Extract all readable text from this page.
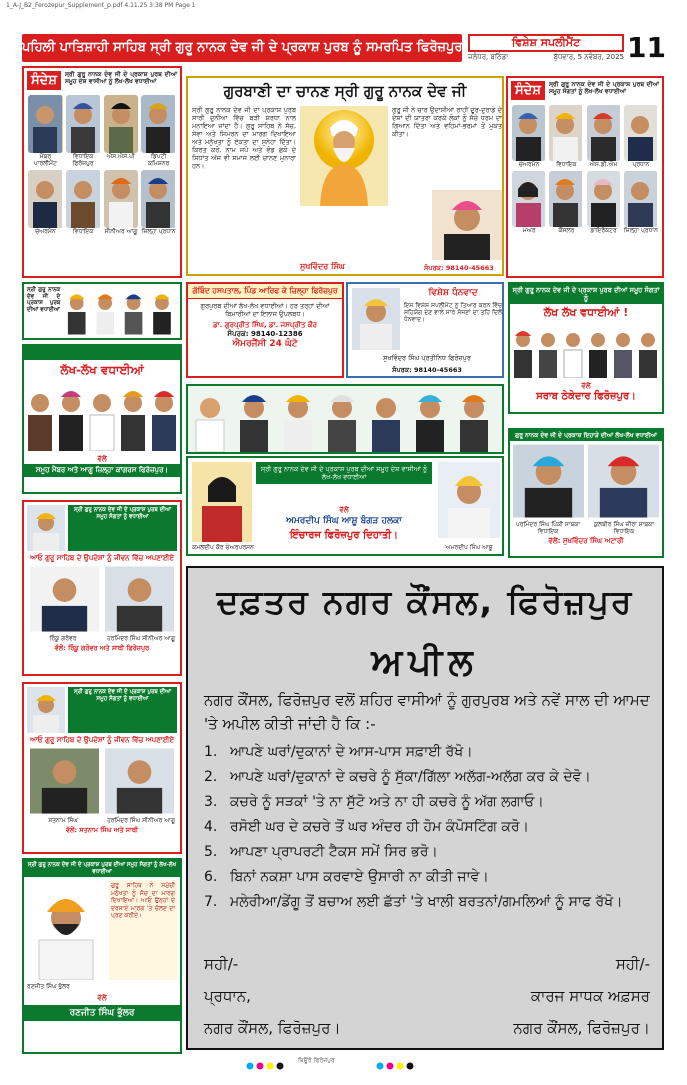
1_A-J_B2_Ferozepur_Supplement_p.pdf 4.11.25 3:38 PM Page 1
ਪਹਿਲੀ ਪਾਤਿਸ਼ਾਹੀ ਸਾਹਿਬ ਸ੍ਰੀ ਗੁਰੂ ਨਾਨਕ ਦੇਵ ਜੀ ਦੇ ਪ੍ਰਕਾਸ਼ ਪੁਰਬ ਨੂੰ ਸਮਰਪਿਤ ਫਿਰੋਜ਼ਪੁਰ	ਵਿਸ਼ੇਸ਼ ਸਪਲੀਮੈਂਟ
ਜਲੰਧਰ, ਬਠਿੰਡਾ	ਬੁੱਧਵਾਰ, 5 ਨਵੰਬਰ, 2025 11
ਸੰਦੇਸ਼	ਸ੍ਰੀ ਗੁਰੂ ਨਾਨਕ ਦੇਵ ਜੀ ਦੇ ਪ੍ਰਕਾਸ਼ ਪੁਰਬ ਦੀਆਂ ਸਮੂਹ ਦੇਸ਼ ਵਾਸੀਆਂ ਨੂੰ ਲੱਖ-ਲੱਖ ਵਧਾਈਆਂ
ਮੈਂਬਰ ਪਾਰਲੀਮੈਂਟ
ਵਿਧਾਇਕ ਫਿਰੋਜ਼ਪੁਰ
ਐਸ.ਐਸ.ਪੀ	ਡਿਪਟੀ ਕਮਿਸ਼ਨਰ
ਚੇਅਰਮੈਨ	ਵਿਧਾਇਕ	ਸੀਨੀਅਰ ਆਗੂ ਜ਼ਿਲ੍ਹਾ ਪ੍ਰਧਾਨ
ਗੁਰਬਾਣੀ ਦਾ ਚਾਨਣ ਸ੍ਰੀ ਗੁਰੂ ਨਾਨਕ ਦੇਵ ਜੀ
ਸ੍ਰੀ ਗੁਰੂ ਨਾਨਕ ਦੇਵ ਜੀ ਦਾ ਪ੍ਰਕਾਸ਼ ਪੁਰਬ ਸਾਰੀ ਦੁਨੀਆ ਵਿੱਚ ਬੜੀ ਸ਼ਰਧਾ ਨਾਲ ਮਨਾਇਆ ਜਾਂਦਾ ਹੈ। ਗੁਰੂ ਸਾਹਿਬ ਨੇ ਸੱਚ, ਸੇਵਾ ਅਤੇ ਸਿਮਰਨ ਦਾ ਮਾਰਗ ਦਿਖਾਇਆ ਅਤੇ ਮਨੁੱਖਤਾ ਨੂੰ ਏਕਤਾ ਦਾ ਸੁਨੇਹਾ ਦਿੱਤਾ। ਕਿਰਤ ਕਰੋ, ਨਾਮ ਜਪੋ ਅਤੇ ਵੰਡ ਛਕੋ ਦੇ ਸਿਧਾਂਤ ਅੱਜ ਵੀ ਸਮਾਜ ਲਈ ਚਾਨਣ ਮੁਨਾਰਾ ਹਨ।
ਗੁਰੂ ਜੀ ਨੇ ਚਾਰ ਉਦਾਸੀਆਂ ਰਾਹੀਂ ਦੂਰ-ਦੁਰਾਡੇ ਦੇ ਦੇਸ਼ਾਂ ਦੀ ਯਾਤਰਾ ਕਰਕੇ ਲੋਕਾਂ ਨੂੰ ਸੱਚੇ ਧਰਮ ਦਾ ਗਿਆਨ ਦਿੱਤਾ ਅਤੇ ਵਹਿਮਾਂ-ਭਰਮਾਂ ਤੋਂ ਮੁਕਤ ਕੀਤਾ।
ਸੁਖਵਿੰਦਰ ਸਿੰਘ	ਸੰਪਰਕ: 98140-45663
ਸੰਦੇਸ਼	ਸ੍ਰੀ ਗੁਰੂ ਨਾਨਕ ਦੇਵ ਜੀ ਦੇ ਪ੍ਰਕਾਸ਼ ਪੁਰਬ ਦੀਆਂ ਸਮੂਹ ਸੰਗਤਾਂ ਨੂੰ ਲੱਖ-ਲੱਖ ਵਧਾਈਆਂ
ਚੇਅਰਮੈਨ	ਵਿਧਾਇਕ	ਐਸ.ਡੀ.ਐਮ	ਪ੍ਰਧਾਨ
ਮੇਅਰ	ਕੌਂਸਲਰ	ਡਾਇਰੈਕਟਰ	ਜ਼ਿਲ੍ਹਾ ਪ੍ਰਧਾਨ
ਸ੍ਰੀ ਗੁਰੂ ਨਾਨਕ ਦੇਵ ਜੀ ਦੇ ਪ੍ਰਕਾਸ਼ ਪੁਰਬ ਦੀਆਂ ਵਧਾਈਆਂ
ਗੋਬਿੰਦ ਹਸਪਤਾਲ, ਪਿੰਡ ਆਰਿਫ ਕੇ ਜ਼ਿਲ੍ਹਾ ਫਿਰੋਜ਼ਪੁਰ
ਗੁਰਪੁਰਬ ਦੀਆਂ ਲੱਖ-ਲੱਖ ਵਧਾਈਆਂ। ਹਰ ਤਰ੍ਹਾਂ ਦੀਆਂ ਬਿਮਾਰੀਆਂ ਦਾ ਇਲਾਜ ਉਪਲਬਧ।
ਡਾ. ਗੁਰਪ੍ਰੀਤ ਸਿੰਘ, ਡਾ. ਜਸਪ੍ਰੀਤ ਕੌਰ
ਸੰਪਰਕ: 98140-12386
ਐਮਰਜੈਂਸੀ 24 ਘੰਟੇ
ਵਿਸ਼ੇਸ਼ ਧੰਨਵਾਦ
ਇਸ ਵਿਸ਼ੇਸ਼ ਸਪਲੀਮੈਂਟ ਨੂੰ ਤਿਆਰ ਕਰਨ ਵਿੱਚ ਸਹਿਯੋਗ ਦੇਣ ਵਾਲੇ ਸਾਰੇ ਸੱਜਣਾਂ ਦਾ ਤਹਿ ਦਿਲੋਂ ਧੰਨਵਾਦ।
ਸੁਖਵਿੰਦਰ ਸਿੰਘ ਪ੍ਰਤੀਨਿਧ ਫਿਰੋਜ਼ਪੁਰ
ਸੰਪਰਕ: 98140-45663
ਸ੍ਰੀ ਗੁਰੂ ਨਾਨਕ ਦੇਵ ਜੀ ਦੇ ਪ੍ਰਕਾਸ਼ ਪੁਰਬ ਦੀਆਂ ਸਮੂਹ ਸੰਗਤਾਂ ਨੂੰ
ਲੱਖ ਲੱਖ ਵਧਾਈਆਂ !
ਵੱਲੋਂ
ਸਰਾਬ ਠੇਕੇਦਾਰ ਫਿਰੋਜ਼ਪੁਰ।
ਲੱਖ-ਲੱਖ ਵਧਾਈਆਂ
ਵੱਲੋਂ
ਸਮੂਹ ਮੈਂਬਰ ਅਤੇ ਆਗੂ ਜ਼ਿਲ੍ਹਾ ਕਾਂਗਰਸ ਫਿਰੋਜ਼ਪੁਰ।	ਸ੍ਰੀ ਗੁਰੂ ਨਾਨਕ ਦੇਵ ਜੀ ਦੇ ਪ੍ਰਕਾਸ਼ ਪੁਰਬ ਦੀਆਂ ਸਮੂਹ ਦੇਸ਼ ਵਾਸੀਆਂ ਨੂੰ ਲੱਖ-ਲੱਖ ਵਧਾਈਆਂ
ਵੱਲੋਂ
ਅਮਰਦੀਪ ਸਿੰਘ ਆਸ਼ੂ ਬੰਗੜ ਹਲਕਾ
ਇੰਚਾਰਜ ਫਿਰੋਜ਼ਪੁਰ ਦਿਹਾਤੀ।
ਕਮਲਦੀਪ ਕੌਰ ਚੇਅਰਪਰਸਨ	ਅਮਰਦੀਪ ਸਿੰਘ ਆਸ਼ੂ
ਗੁਰੂ ਨਾਨਕ ਦੇਵ ਜੀ ਦੇ ਪ੍ਰਕਾਸ਼ ਦਿਹਾੜੇ ਦੀਆਂ ਲੱਖ-ਲੱਖ ਵਧਾਈਆਂ
ਪਰਮਿੰਦਰ ਸਿੰਘ ਪਿੰਕੀ ਸਾਬਕਾ ਵਿਧਾਇਕ
ਕੁਲਬੀਰ ਸਿੰਘ ਜ਼ੀਰਾ ਸਾਬਕਾ ਵਿਧਾਇਕ
ਵੱਲੋਂ: ਸੁਖਵਿੰਦਰ ਸਿੰਘ ਅਟਾਰੀ
ਸ੍ਰੀ ਗੁਰੂ ਨਾਨਕ ਦੇਵ ਜੀ ਦੇ ਪ੍ਰਕਾਸ਼ ਪੁਰਬ ਦੀਆਂ ਸਮੂਹ ਸੰਗਤਾਂ ਨੂੰ ਵਧਾਈਆਂ
ਆਓ ਗੁਰੂ ਸਾਹਿਬ ਦੇ ਉਪਦੇਸ਼ਾਂ ਨੂੰ ਜੀਵਨ ਵਿੱਚ ਅਪਣਾਈਏ
ਰਿੰਕੂ ਗਰੋਵਰ	ਹਰਮਿੰਦਰ ਸਿੰਘ ਸੀਨੀਅਰ ਆਗੂ
ਵੱਲੋਂ: ਰਿੰਕੂ ਗਰੋਵਰ ਅਤੇ ਸਾਥੀ ਫਿਰੋਜ਼ਪੁਰ
ਸ੍ਰੀ ਗੁਰੂ ਨਾਨਕ ਦੇਵ ਜੀ ਦੇ ਪ੍ਰਕਾਸ਼ ਪੁਰਬ ਦੀਆਂ ਸਮੂਹ ਸੰਗਤਾਂ ਨੂੰ ਵਧਾਈਆਂ
ਆਓ ਗੁਰੂ ਸਾਹਿਬ ਦੇ ਉਪਦੇਸ਼ਾਂ ਨੂੰ ਜੀਵਨ ਵਿੱਚ ਅਪਣਾਈਏ
ਸਤਨਾਮ ਸਿੰਘ	ਹਰਮਿੰਦਰ ਸਿੰਘ ਸੀਨੀਅਰ ਆਗੂ
ਵੱਲੋਂ: ਸਤਨਾਮ ਸਿੰਘ ਅਤੇ ਸਾਥੀ
ਸ੍ਰੀ ਗੁਰੂ ਨਾਨਕ ਦੇਵ ਜੀ ਦੇ ਪ੍ਰਕਾਸ਼ ਪੁਰਬ ਦੀਆਂ ਸਮੂਹ ਸੰਗਤਾਂ ਨੂੰ ਲੱਖ-ਲੱਖ ਵਧਾਈਆਂ
ਗੁਰੂ ਸਾਹਿਬ ਨੇ ਸਮੁੱਚੀ ਮਨੁੱਖਤਾ ਨੂੰ ਸੱਚ ਦਾ ਮਾਰਗ ਦਿਖਾਇਆ। ਆਓ ਉਨ੍ਹਾਂ ਦੇ ਦਰਸਾਏ ਮਾਰਗ 'ਤੇ ਚੱਲਣ ਦਾ ਪ੍ਰਣ ਕਰੀਏ।
ਰਣਜੀਤ ਸਿੰਘ ਭੁੱਲਰ
ਵੱਲੋਂ
ਰਣਜੀਤ ਸਿੰਘ ਭੁੱਲਰ
ਦਫ਼ਤਰ ਨਗਰ ਕੌਂਸਲ, ਫਿਰੋਜ਼ਪੁਰ
ਅਪੀਲ
ਨਗਰ ਕੌਂਸਲ, ਫਿਰੋਜ਼ਪੁਰ ਵਲੋਂ ਸ਼ਹਿਰ ਵਾਸੀਆਂ ਨੂੰ ਗੁਰਪੁਰਬ ਅਤੇ ਨਵੇਂ ਸਾਲ ਦੀ ਆਮਦ 'ਤੇ ਅਪੀਲ ਕੀਤੀ ਜਾਂਦੀ ਹੈ ਕਿ :-
1. ਆਪਣੇ ਘਰਾਂ/ਦੁਕਾਨਾਂ ਦੇ ਆਸ-ਪਾਸ ਸਫ਼ਾਈ ਰੱਖੋ।
2. ਆਪਣੇ ਘਰਾਂ/ਦੁਕਾਨਾਂ ਦੇ ਕਚਰੇ ਨੂੰ ਸੁੱਕਾ/ਗਿੱਲਾ ਅਲੱਗ-ਅਲੱਗ ਕਰ ਕੇ ਦੇਵੋ।
3. ਕਚਰੇ ਨੂੰ ਸੜਕਾਂ 'ਤੇ ਨਾ ਸੁੱਟੋ ਅਤੇ ਨਾ ਹੀ ਕਚਰੇ ਨੂੰ ਅੱਗ ਲਗਾਓ।
4. ਰਸੋਈ ਘਰ ਦੇ ਕਚਰੇ ਤੋਂ ਘਰ ਅੰਦਰ ਹੀ ਹੋਮ ਕੰਪੋਸਟਿੰਗ ਕਰੋ।
5. ਆਪਣਾ ਪ੍ਰਾਪਰਟੀ ਟੈਕਸ ਸਮੇਂ ਸਿਰ ਭਰੋ।
6. ਬਿਨਾਂ ਨਕਸ਼ਾ ਪਾਸ ਕਰਵਾਏ ਉਸਾਰੀ ਨਾ ਕੀਤੀ ਜਾਵੇ।
7. ਮਲੇਰੀਆ/ਡੇਂਗੂ ਤੋਂ ਬਚਾਅ ਲਈ ਛੱਤਾਂ 'ਤੇ ਖਾਲੀ ਬਰਤਨਾਂ/ਗਮਲਿਆਂ ਨੂੰ ਸਾਫ ਰੱਖੋ।
ਸਹੀ/-
ਪ੍ਰਧਾਨ,
ਨਗਰ ਕੌਂਸਲ, ਫਿਰੋਜ਼ਪੁਰ।
ਸਹੀ/-
ਕਾਰਜ ਸਾਧਕ ਅਫ਼ਸਰ
ਨਗਰ ਕੌਂਸਲ, ਫਿਰੋਜ਼ਪੁਰ।
ਬਿਊਰੋ ਫਿਰੋਜ਼ਪੁਰ
